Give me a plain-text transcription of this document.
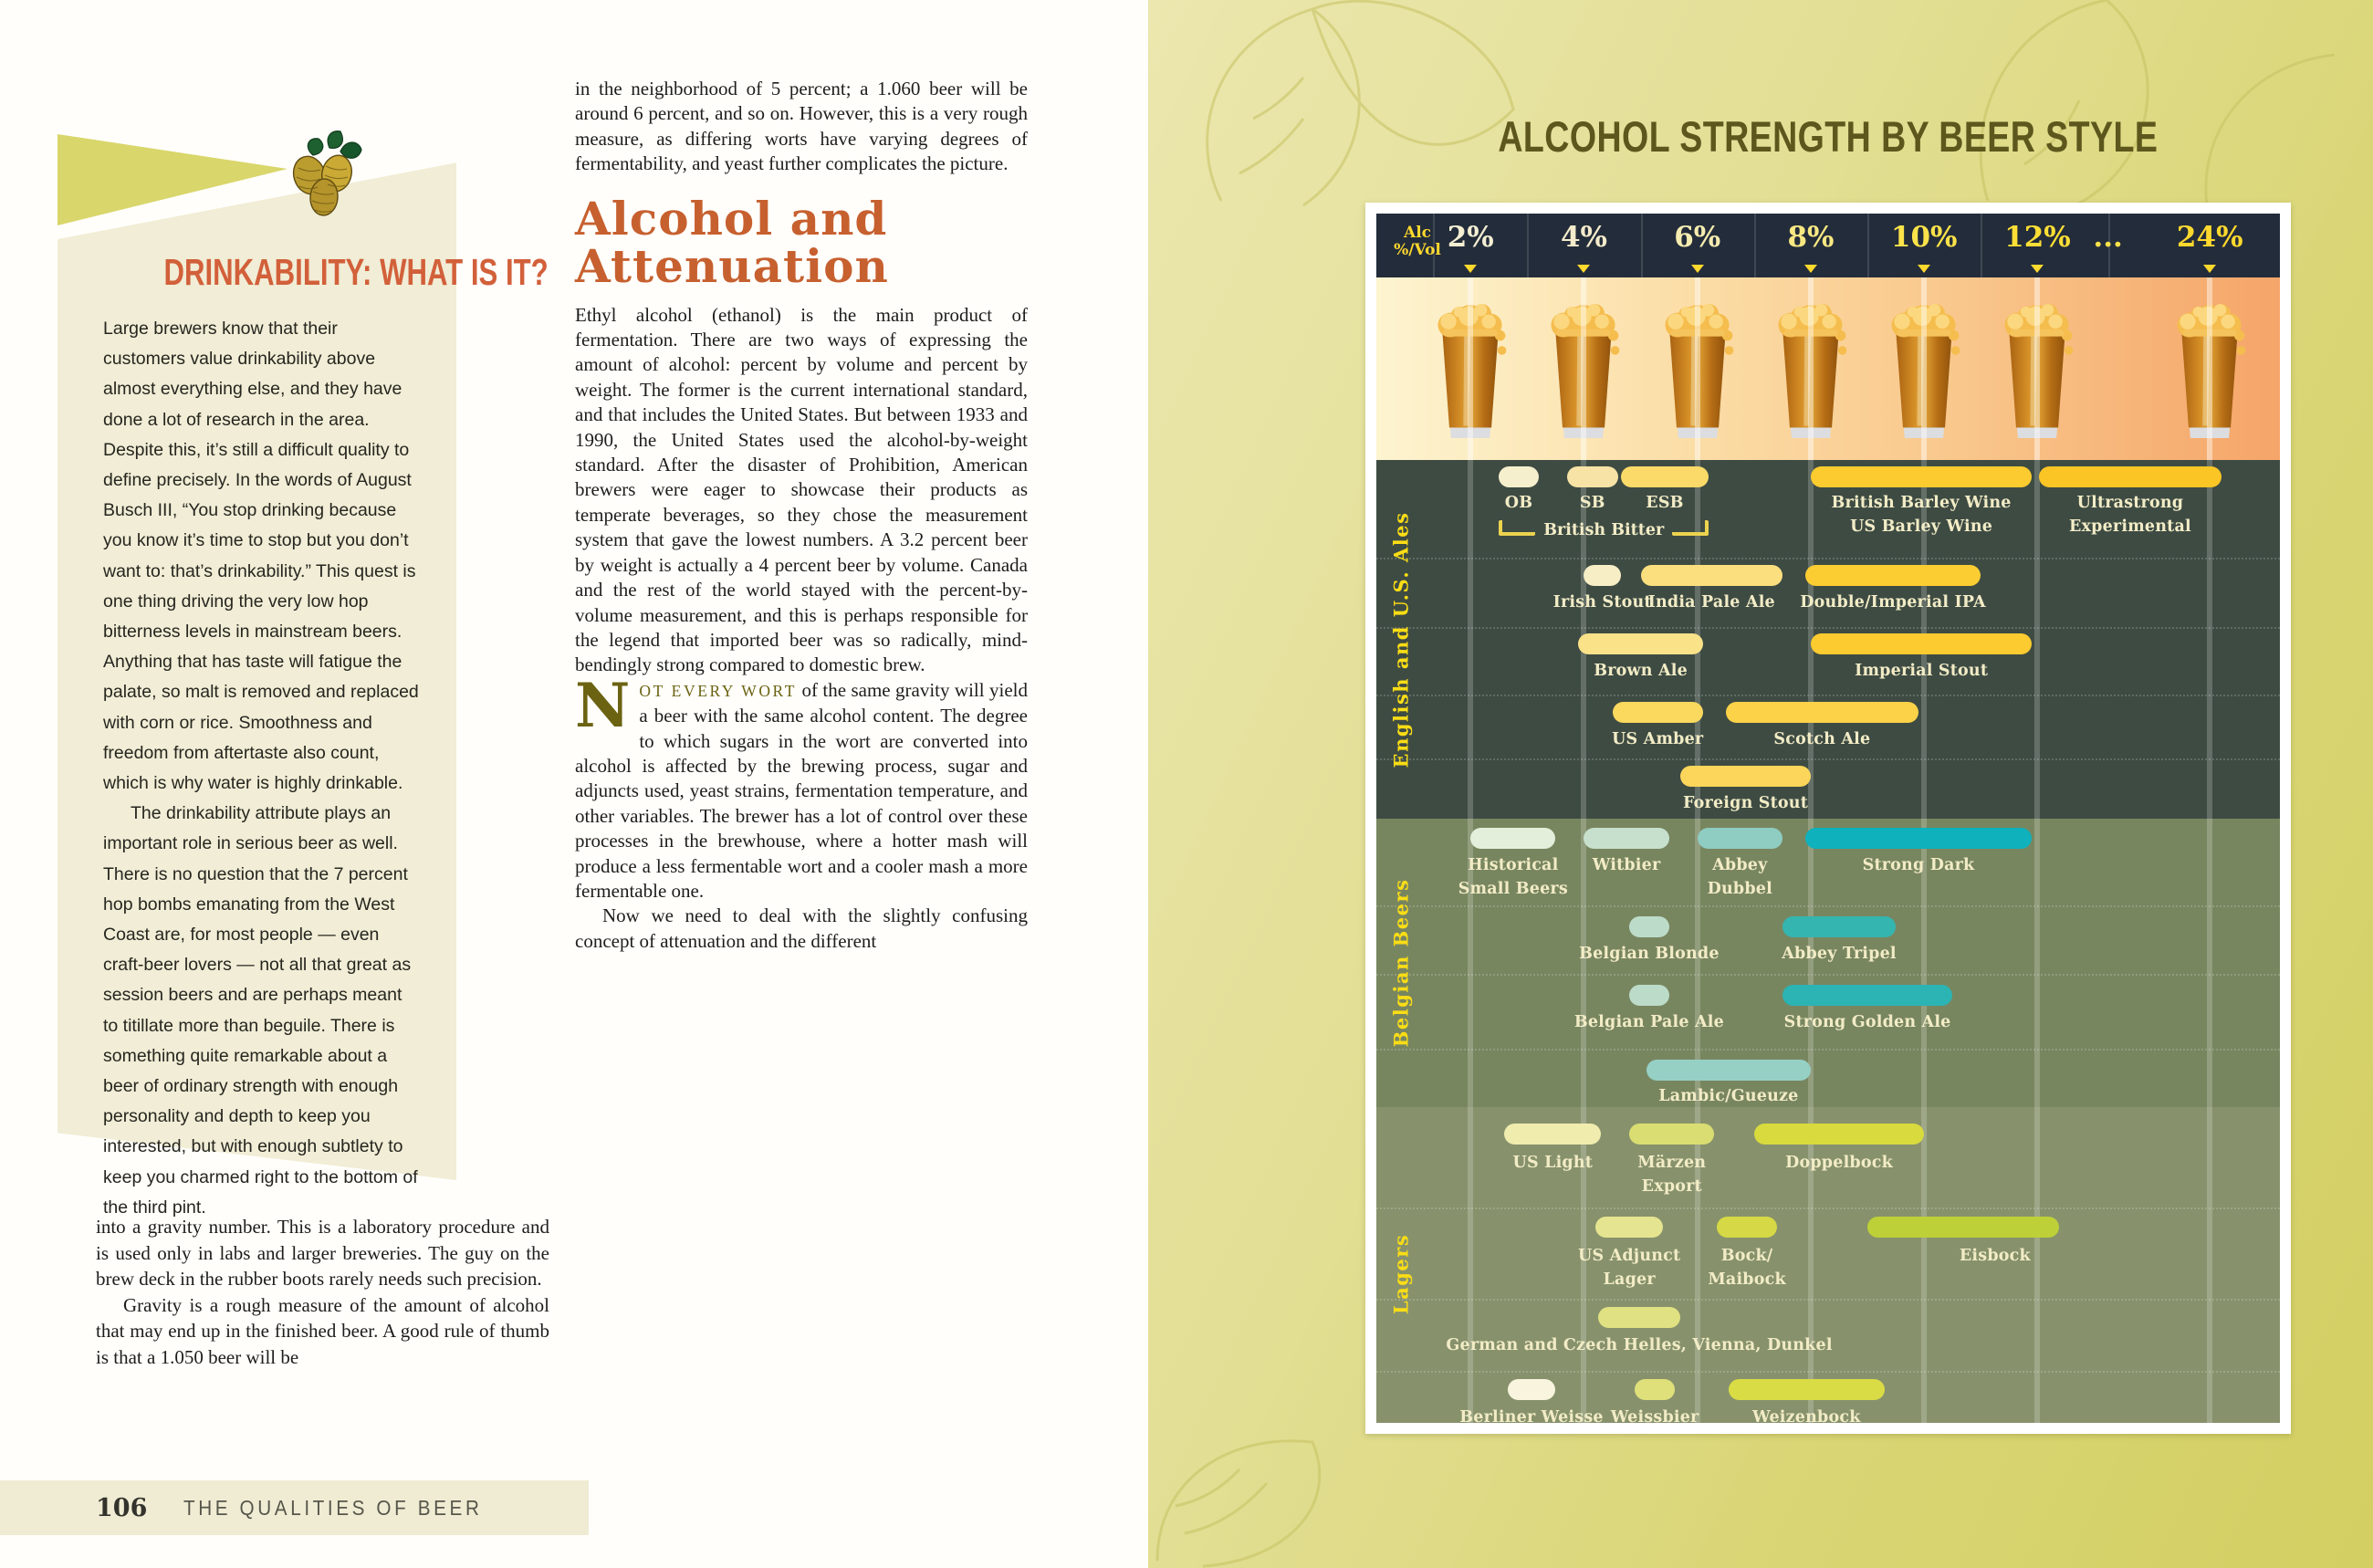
DRINKABILITY: WHAT IS IT?

Large brewers know that their customers value drinkability above almost everything else, and they have done a lot of research in the area. Despite this, it’s still a difficult quality to define precisely. In the words of August Busch III, “You stop drinking because you know it’s time to stop but you don’t want to: that’s drinkability.” This quest is one thing driving the very low hop bitterness levels in mainstream beers. Anything that has taste will fatigue the palate, so malt is removed and replaced with corn or rice. Smoothness and freedom from aftertaste also count, which is why water is highly drinkable.

The drinkability attribute plays an important role in serious beer as well. There is no question that the 7 percent hop bombs emanating from the West Coast are, for most people — even craft-beer lovers — not all that great as session beers and are perhaps meant to titillate more than beguile. There is something quite remarkable about a beer of ordinary strength with enough personality and depth to keep you interested, but with enough subtlety to keep you charmed right to the bottom of the third pint.

into a gravity number. This is a laboratory procedure and is used only in labs and larger breweries. The guy on the brew deck in the rubber boots rarely needs such precision.

Gravity is a rough measure of the amount of alcohol that may end up in the finished beer. A good rule of thumb is that a 1.050 beer will be

in the neighborhood of 5 percent; a 1.060 beer will be around 6 percent, and so on. However, this is a very rough measure, as differing worts have varying degrees of fermentability, and yeast further complicates the picture.

Alcohol and Attenuation

Ethyl alcohol (ethanol) is the main product of fermentation. There are two ways of expressing the amount of alcohol: percent by volume and percent by weight. The former is the current international standard, and that includes the United States. But between 1933 and 1990, the United States used the alcohol-by-weight standard. After the disaster of Prohibition, American brewers were eager to showcase their products as temperate beverages, so they chose the measurement system that gave the lowest numbers. A 3.2 percent beer by weight is actually a 4 percent beer by volume. Canada and the rest of the world stayed with the percent-by-volume measurement, and this is perhaps responsible for the legend that imported beer was so radically, mind-bendingly strong compared to domestic brew.

NOT EVERY WORT of the same gravity will yield a beer with the same alcohol content. The degree to which sugars in the wort are converted into alcohol is affected by the brewing process, sugar and adjuncts used, yeast strains, fermentation temperature, and other variables. The brewer has a lot of control over these processes in the brewhouse, where a hotter mash will produce a less fermentable wort and a cooler mash a more fermentable one.

Now we need to deal with the slightly confusing concept of attenuation and the different

106 THE QUALITIES OF BEER
ALCOHOL STRENGTH BY BEER STYLE
Alc
%/Vol 2% 4% 6% 8% 10% 12% ... 24%
OB	SB	ESB	British Barley Wine
US Barley Wine
Ultrastrong
Experimental
British Bitter
Irish Stout
India Pale Ale Double/Imperial IPA
Brown Ale	Imperial Stout
US Amber	Scotch Ale
Foreign Stout
English and U.S. Ales
Historical
Small Beers
Witbier	Abbey
Dubbel
Strong Dark
Belgian Blonde	Abbey Tripel
Belgian Pale Ale	Strong Golden Ale
Lambic/Gueuze
Belgian Beers
US Light	Märzen
Export
Doppelbock
US Adjunct
Lager
Bock/
Maibock
Eisbock
German and Czech Helles, Vienna, Dunkel
Berliner Weisse Weissbier	Weizenbock
Lagers
